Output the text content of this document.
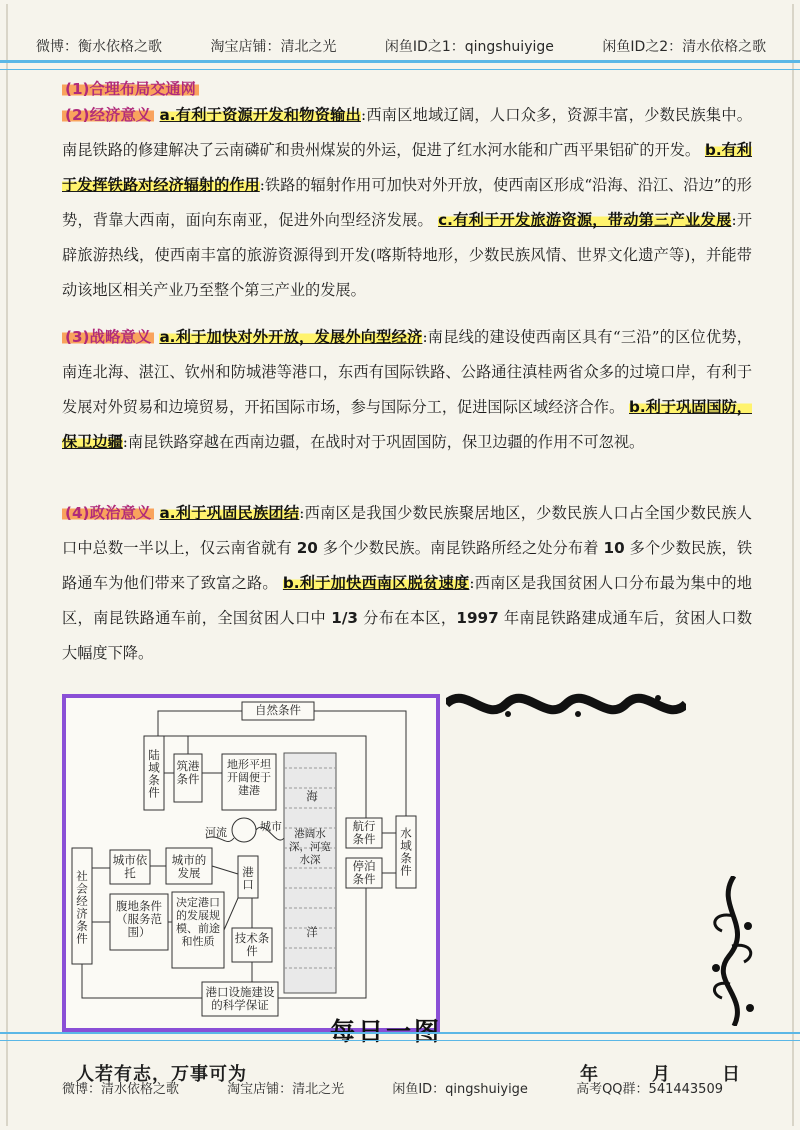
微博：衡水依格之歌	淘宝店铺：清北之光	闲鱼ID之1：qingshuiyige	闲鱼ID之2：清水依格之歌
(1)合理布局交通网
(2)经济意义 a.有利于资源开发和物资输出:西南区地域辽阔，人口众多，资源丰富，少数民族集中。南昆铁路的修建解决了云南磷矿和贵州煤炭的外运，促进了红水河水能和广西平果铝矿的开发。 b.有利于发挥铁路对经济辐射的作用:铁路的辐射作用可加快对外开放，使西南区形成“沿海、沿江、沿边”的形势，背靠大西南，面向东南亚，促进外向型经济发展。 c.有利于开发旅游资源，带动第三产业发展:开辟旅游热线，使西南丰富的旅游资源得到开发(喀斯特地形，少数民族风情、世界文化遗产等)，并能带动该地区相关产业乃至整个第三产业的发展。
(3)战略意义 a.利于加快对外开放，发展外向型经济:南昆线的建设使西南区具有“三沿”的区位优势，南连北海、湛江、钦州和防城港等港口，东西有国际铁路、公路通往滇桂两省众多的过境口岸，有利于发展对外贸易和边境贸易，开拓国际市场，参与国际分工，促进国际区域经济合作。 b.利于巩固国防，保卫边疆:南昆铁路穿越在西南边疆，在战时对于巩固国防，保卫边疆的作用不可忽视。
(4)政治意义 a.利于巩固民族团结:西南区是我国少数民族聚居地区，少数民族人口占全国少数民族人口中总数一半以上，仅云南省就有 20 多个少数民族。南昆铁路所经之处分布着 10 多个少数民族，铁路通车为他们带来了致富之路。 b.利于加快西南区脱贫速度:西南区是我国贫困人口分布最为集中的地区，南昆铁路通车前，全国贫困人口中 1/3 分布在本区，1997 年南昆铁路建成通车后，贫困人口数大幅度下降。
自然条件
陆域条件 筑港条件
地形平坦开阔便于建港	海
城市
河流	港阔水深，河宽水深
航行条件
停泊条件
水域条件
社会经济条件
城市依托
城市的发展	港口
腹地条件（服务范围）
决定港口的发展规模、前途和性质	技术条件
洋
港口设施建设的科学保证
每日一图
人若有志，万事可为	年	月	日
微博：清水依格之歌	淘宝店铺：清北之光	闲鱼ID：qingshuiyige	高考QQ群：541443509
